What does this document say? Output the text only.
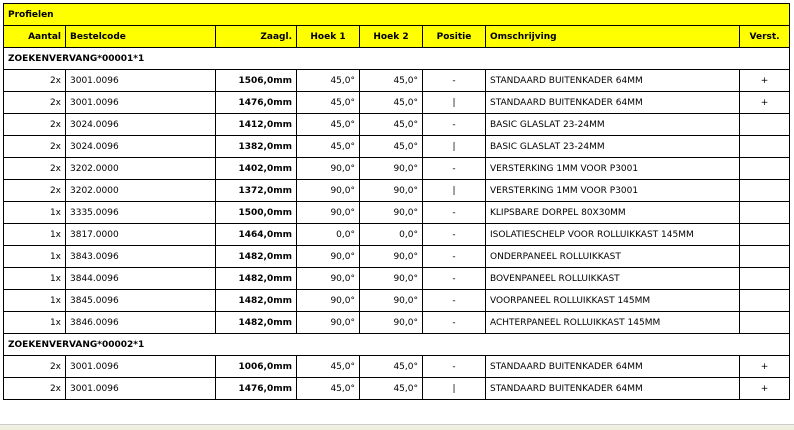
Profielen							
Aantal	Bestelcode	Zaagl.	Hoek 1	Hoek 2	Positie	Omschrijving	Verst.
ZOEKENVERVANG*00001*1							
2x	3001.0096	1506,0mm	45,0°	45,0°	-	STANDAARD BUITENKADER 64MM	+
2x	3001.0096	1476,0mm	45,0°	45,0°	|	STANDAARD BUITENKADER 64MM	+
2x	3024.0096	1412,0mm	45,0°	45,0°	-	BASIC GLASLAT 23-24MM	
2x	3024.0096	1382,0mm	45,0°	45,0°	|	BASIC GLASLAT 23-24MM	
2x	3202.0000	1402,0mm	90,0°	90,0°	-	VERSTERKING 1MM VOOR P3001	
2x	3202.0000	1372,0mm	90,0°	90,0°	|	VERSTERKING 1MM VOOR P3001	
1x	3335.0096	1500,0mm	90,0°	90,0°	-	KLIPSBARE DORPEL 80X30MM	
1x	3817.0000	1464,0mm	0,0°	0,0°	-	ISOLATIESCHELP VOOR ROLLUIKKAST 145MM	
1x	3843.0096	1482,0mm	90,0°	90,0°	-	ONDERPANEEL ROLLUIKKAST	
1x	3844.0096	1482,0mm	90,0°	90,0°	-	BOVENPANEEL ROLLUIKKAST	
1x	3845.0096	1482,0mm	90,0°	90,0°	-	VOORPANEEL ROLLUIKKAST 145MM	
1x	3846.0096	1482,0mm	90,0°	90,0°	-	ACHTERPANEEL ROLLUIKKAST 145MM	
ZOEKENVERVANG*00002*1							
2x	3001.0096	1006,0mm	45,0°	45,0°	-	STANDAARD BUITENKADER 64MM	+
2x	3001.0096	1476,0mm	45,0°	45,0°	|	STANDAARD BUITENKADER 64MM	+
